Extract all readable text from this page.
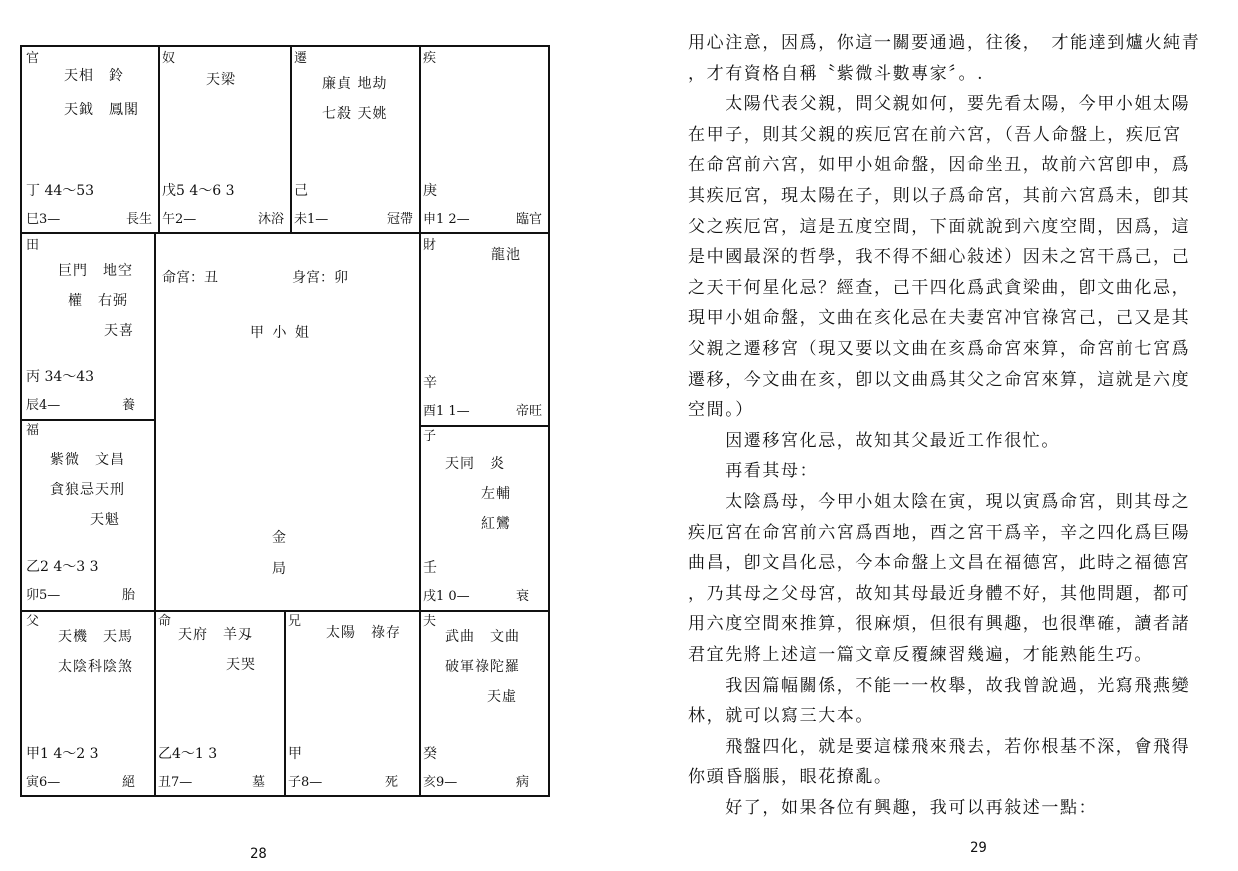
官
天相　鈴
天鉞　鳳閣
丁 44～53
巳3—	長生
奴
天梁
戊5 4～6 3
午2—	沐浴
遷
廉貞 地劫
七殺 天姚
己
未1—	冠帶
疾
庚
申1 2—	臨官
田
巨門　地空
權　右弼
天喜
丙 34～43
辰4—	養
財
龍池
辛
酉1 1—	帝旺
福
紫微　文昌
貪狼忌天刑
天魁
乙2 4～3 3
卯5—	胎
子
天同　炎
左輔
紅鸞
壬
戌1 0—	衰
父
天機　天馬
太陰科陰煞
甲1 4～2 3
寅6—	絕
命
天府　羊刄
天哭
乙4～1 3
丑7—	墓
兄
太陽　祿存
甲
子8—	死
夫
武曲　文曲
破軍祿陀羅
天虛
癸
亥9—	病
命宮：丑	身宮：卯
甲 小 姐
金
局
28
用心注意，因爲，你這一關要通過，往後，　才能達到爐火純青
，才有資格自稱〝紫微斗數專家〞。.
　　太陽代表父親，問父親如何，要先看太陽，今甲小姐太陽
在甲子，則其父親的疾厄宮在前六宮，（吾人命盤上，疾厄宮
在命宮前六宮，如甲小姐命盤，因命坐丑，故前六宮卽申，爲
其疾厄宮，現太陽在子，則以子爲命宮，其前六宮爲未，卽其
父之疾厄宮，這是五度空間，下面就說到六度空間，因爲，這
是中國最深的哲學，我不得不細心敍述）因未之宮干爲己，己
之天干何星化忌？經查，己干四化爲武貪梁曲，卽文曲化忌，
現甲小姐命盤，文曲在亥化忌在夫妻宮冲官祿宮己，己又是其
父親之遷移宮（現又要以文曲在亥爲命宮來算，命宮前七宮爲
遷移，今文曲在亥，卽以文曲爲其父之命宮來算，這就是六度
空間。）
　　因遷移宮化忌，故知其父最近工作很忙。
　　再看其母：
　　太陰爲母，今甲小姐太陰在寅，現以寅爲命宮，則其母之
疾厄宮在命宮前六宮爲酉地，酉之宮干爲辛，辛之四化爲巨陽
曲昌，卽文昌化忌，今本命盤上文昌在福德宮，此時之福德宮
，乃其母之父母宮，故知其母最近身體不好，其他問題，都可
用六度空間來推算，很麻煩，但很有興趣，也很準確，讀者諸
君宜先將上述這一篇文章反覆練習幾遍，才能熟能生巧。
　　我因篇幅關係，不能一一枚舉，故我曾說過，光寫飛燕變
林，就可以寫三大本。
　　飛盤四化，就是要這樣飛來飛去，若你根基不深，會飛得
你頭昏腦脹，眼花撩亂。
　　好了，如果各位有興趣，我可以再敍述一點：
29
